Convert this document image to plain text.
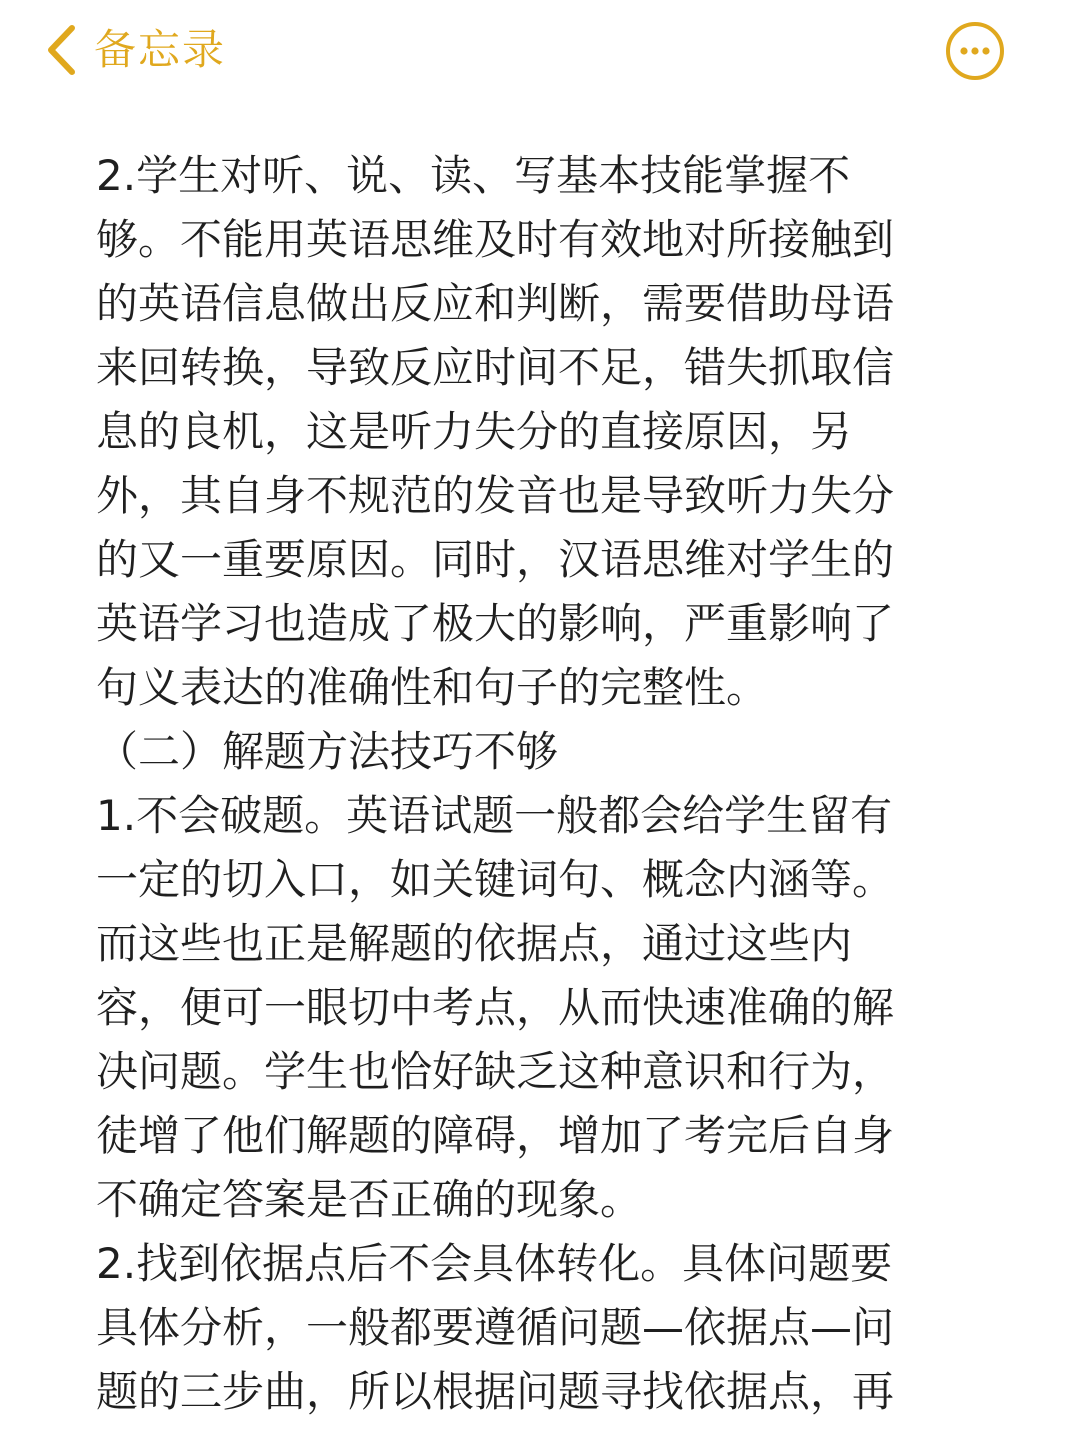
备忘录
2.学生对听、说、读、写基本技能掌握不
够。不能用英语思维及时有效地对所接触到
的英语信息做出反应和判断，需要借助母语
来回转换，导致反应时间不足，错失抓取信
息的良机，这是听力失分的直接原因，另
外，其自身不规范的发音也是导致听力失分
的又一重要原因。同时，汉语思维对学生的
英语学习也造成了极大的影响，严重影响了
句义表达的准确性和句子的完整性。
（二）解题方法技巧不够
1.不会破题。英语试题一般都会给学生留有
一定的切入口，如关键词句、概念内涵等。
而这些也正是解题的依据点，通过这些内
容，便可一眼切中考点，从而快速准确的解
决问题。学生也恰好缺乏这种意识和行为，
徒增了他们解题的障碍，增加了考完后自身
不确定答案是否正确的现象。
2.找到依据点后不会具体转化。具体问题要
具体分析，一般都要遵循问题—依据点—问
题的三步曲，所以根据问题寻找依据点，再
